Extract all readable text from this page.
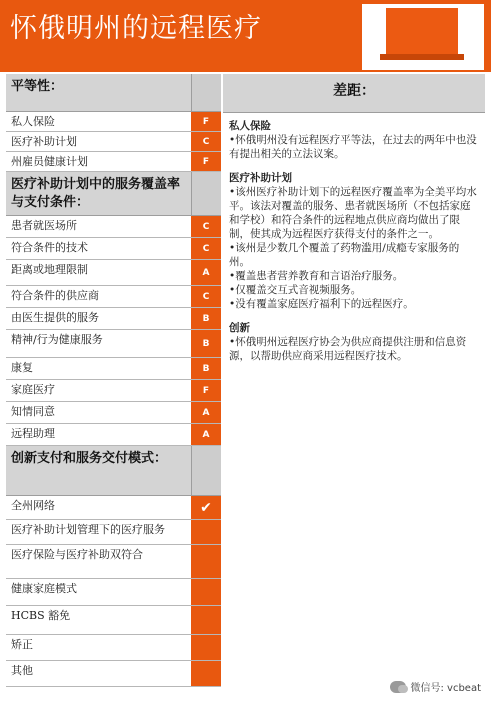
怀俄明州的远程医疗
平等性：
私人保险	F
医疗补助计划	C
州雇员健康计划	F
医疗补助计划中的服务覆盖率与支付条件：
患者就医场所	C
符合条件的技术	C
距离或地理限制	A
符合条件的供应商	C
由医生提供的服务	B
精神/行为健康服务	B
康复	B
家庭医疗	F
知情同意	A
远程助理	A
创新支付和服务交付模式：
全州网络	✔
医疗补助计划管理下的医疗服务
医疗保险与医疗补助双符合
健康家庭模式
HCBS 豁免
矫正
其他
差距：
私人保险
•怀俄明州没有远程医疗平等法，在过去的两年中也没有提出相关的立法议案。
医疗补助计划
•该州医疗补助计划下的远程医疗覆盖率为全美平均水平。该法对覆盖的服务、患者就医场所（不包括家庭和学校）和符合条件的远程地点供应商均做出了限制，使其成为远程医疗获得支付的条件之一。
•该州是少数几个覆盖了药物滥用/成瘾专家服务的州。
•覆盖患者营养教育和言语治疗服务。
•仅覆盖交互式音视频服务。
•没有覆盖家庭医疗福利下的远程医疗。
创新
•怀俄明州远程医疗协会为供应商提供注册和信息资源，以帮助供应商采用远程医疗技术。
微信号: vcbeat
